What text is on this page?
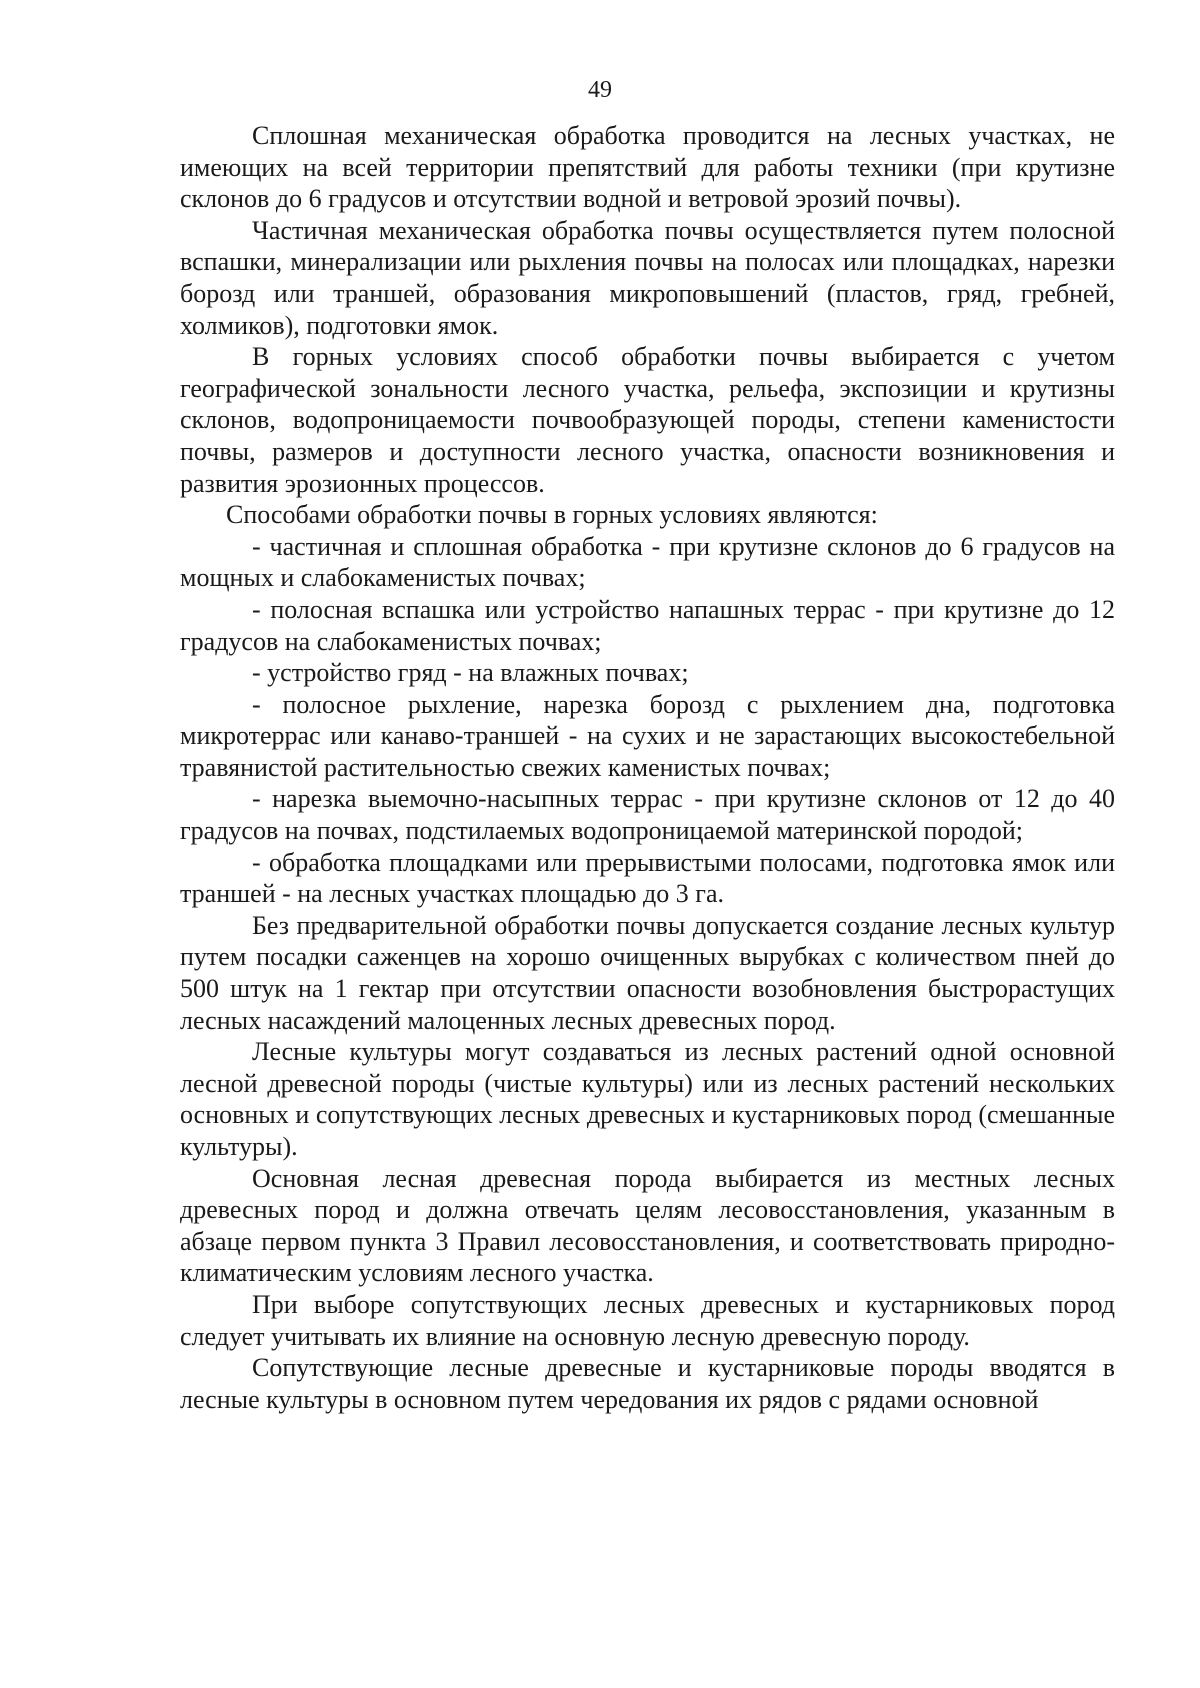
49

Сплошная механическая обработка проводится на лесных участках, не имеющих на всей территории препятствий для работы техники (при крутизне склонов до 6 градусов и отсутствии водной и ветровой эрозий почвы).

Частичная механическая обработка почвы осуществляется путем полосной вспашки, минерализации или рыхления почвы на полосах или площадках, нарезки борозд или траншей, образования микроповышений (пластов, гряд, гребней, холмиков), подготовки ямок.

В горных условиях способ обработки почвы выбирается с учетом географической зональности лесного участка, рельефа, экспозиции и крутизны склонов, водопроницаемости почвообразующей породы, степени каменистости почвы, размеров и доступности лесного участка, опасности возникновения и развития эрозионных процессов.

Способами обработки почвы в горных условиях являются:

- частичная и сплошная обработка - при крутизне склонов до 6 градусов на мощных и слабокаменистых почвах;

- полосная вспашка или устройство напашных террас - при крутизне до 12 градусов на слабокаменистых почвах;

- устройство гряд - на влажных почвах;

- полосное рыхление, нарезка борозд с рыхлением дна, подготовка микротеррас или канаво-траншей - на сухих и не зарастающих высокостебельной травянистой растительностью свежих каменистых почвах;

- нарезка выемочно-насыпных террас - при крутизне склонов от 12 до 40 градусов на почвах, подстилаемых водопроницаемой материнской породой;

- обработка площадками или прерывистыми полосами, подготовка ямок или траншей - на лесных участках площадью до 3 га.

Без предварительной обработки почвы допускается создание лесных культур путем посадки саженцев на хорошо очищенных вырубках с количеством пней до 500 штук на 1 гектар при отсутствии опасности возобновления быстрорастущих лесных насаждений малоценных лесных древесных пород.

Лесные культуры могут создаваться из лесных растений одной основной лесной древесной породы (чистые культуры) или из лесных растений нескольких основных и сопутствующих лесных древесных и кустарниковых пород (смешанные культуры).

Основная лесная древесная порода выбирается из местных лесных древесных пород и должна отвечать целям лесовосстановления, указанным в абзаце первом пункта 3 Правил лесовосстановления, и соответствовать природно-климатическим условиям лесного участка.

При выборе сопутствующих лесных древесных и кустарниковых пород следует учитывать их влияние на основную лесную древесную породу.

Сопутствующие лесные древесные и кустарниковые породы вводятся в лесные культуры в основном путем чередования их рядов с рядами основной
